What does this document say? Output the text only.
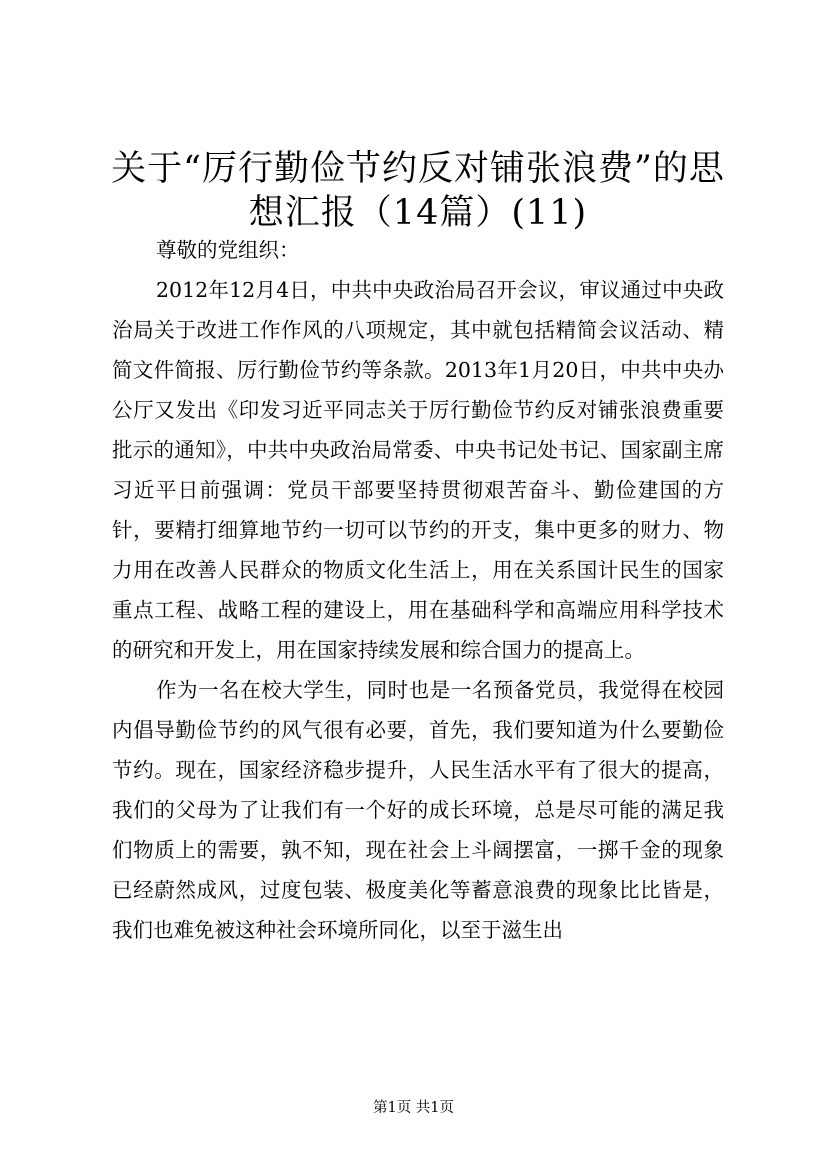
关于“厉行勤俭节约反对铺张浪费”的思想汇报（14篇）(11)

尊敬的党组织：

2012年12月4日，中共中央政治局召开会议，审议通过中央政治局关于改进工作作风的八项规定，其中就包括精简会议活动、精简文件简报、厉行勤俭节约等条款。2013年1月20日，中共中央办公厅又发出《印发习近平同志关于厉行勤俭节约反对铺张浪费重要批示的通知》，中共中央政治局常委、中央书记处书记、国家副主席习近平日前强调：党员干部要坚持贯彻艰苦奋斗、勤俭建国的方针，要精打细算地节约一切可以节约的开支，集中更多的财力、物力用在改善人民群众的物质文化生活上，用在关系国计民生的国家重点工程、战略工程的建设上，用在基础科学和高端应用科学技术的研究和开发上，用在国家持续发展和综合国力的提高上。

作为一名在校大学生，同时也是一名预备党员，我觉得在校园内倡导勤俭节约的风气很有必要，首先，我们要知道为什么要勤俭节约。现在，国家经济稳步提升，人民生活水平有了很大的提高，我们的父母为了让我们有一个好的成长环境，总是尽可能的满足我们物质上的需要，孰不知，现在社会上斗阔摆富，一掷千金的现象已经蔚然成风，过度包装、极度美化等蓄意浪费的现象比比皆是，我们也难免被这种社会环境所同化，以至于滋生出

第1页 共1页
